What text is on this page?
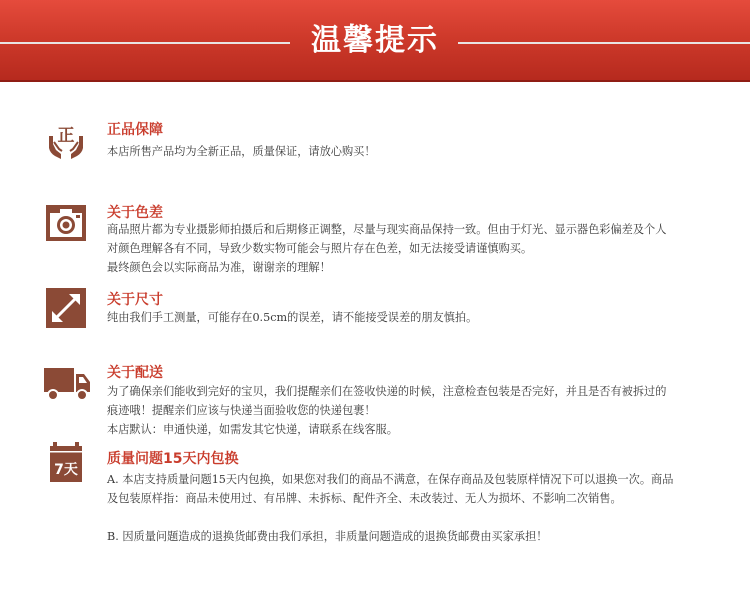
温馨提示
正 正品保障

本店所售产品均为全新正品，质量保证，请放心购买！

关于色差

商品照片都为专业摄影师拍摄后和后期修正调整，尽量与现实商品保持一致。但由于灯光、显示器色彩偏差及个人

对颜色理解各有不同，导致少数实物可能会与照片存在色差，如无法接受请谨慎购买。

最终颜色会以实际商品为准，谢谢亲的理解！

关于尺寸

纯由我们手工测量，可能存在0.5cm的误差，请不能接受误差的朋友慎拍。

关于配送

为了确保亲们能收到完好的宝贝，我们提醒亲们在签收快递的时候，注意检查包装是否完好，并且是否有被拆过的

痕迹哦！提醒亲们应该与快递当面验收您的快递包裹！

本店默认：申通快递，如需发其它快递，请联系在线客服。

7天
质量问题15天内包换

A. 本店支持质量问题15天内包换，如果您对我们的商品不满意，在保存商品及包装原样情况下可以退换一次。商品

及包装原样指：商品未使用过、有吊牌、未拆标、配件齐全、未改装过、无人为损坏、不影响二次销售。

B. 因质量问题造成的退换货邮费由我们承担，非质量问题造成的退换货邮费由买家承担！
